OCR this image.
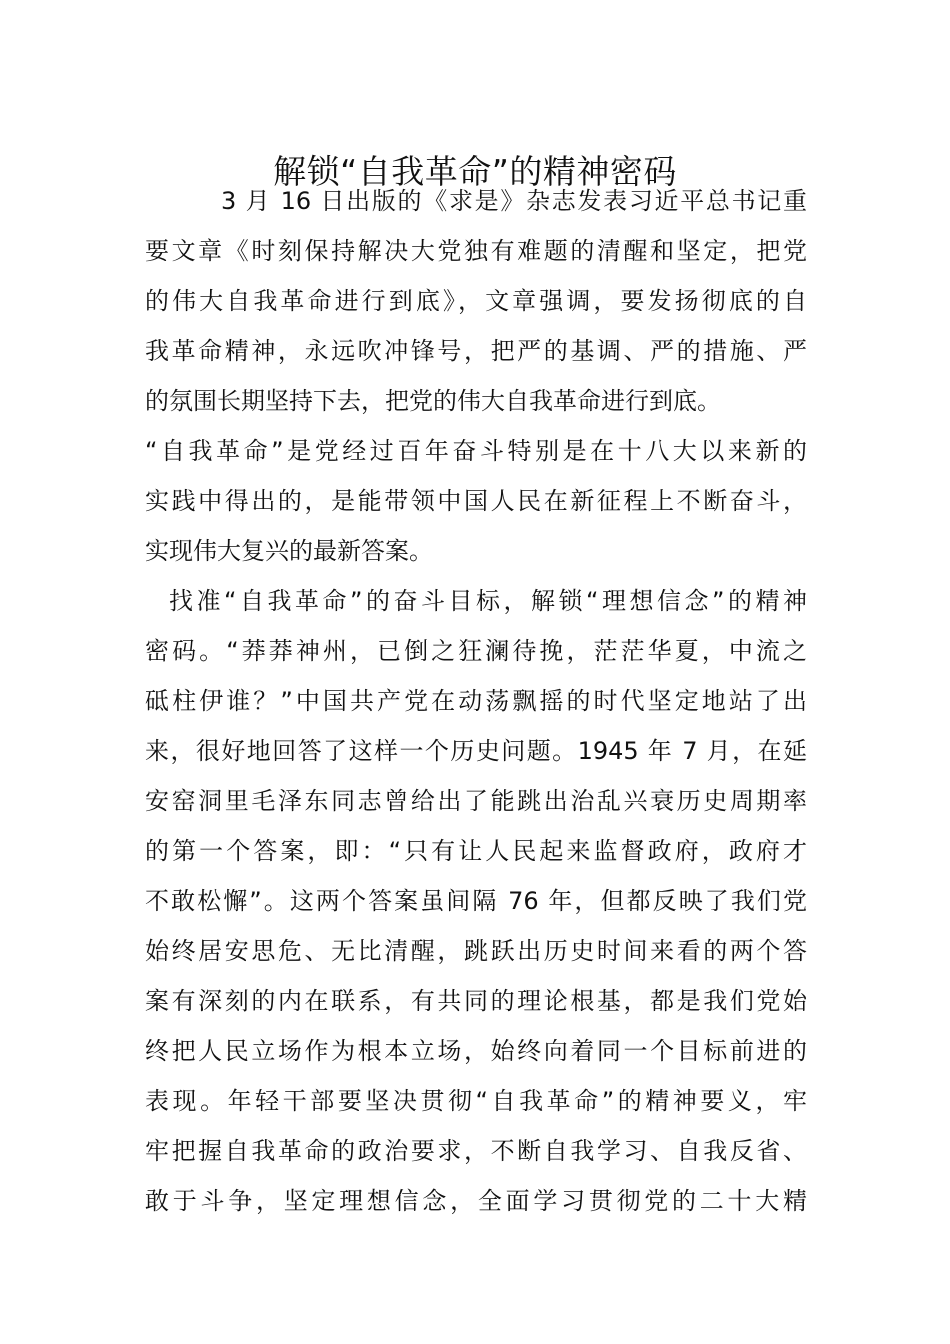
解锁“自我革命”的精神密码
3 月 16 日出版的《求是》杂志发表习近平总书记重
要文章《时刻保持解决大党独有难题的清醒和坚定，把党
的伟大自我革命进行到底》，文章强调，要发扬彻底的自
我革命精神，永远吹冲锋号，把严的基调、严的措施、严
的氛围长期坚持下去，把党的伟大自我革命进行到底。
“自我革命”是党经过百年奋斗特别是在十八大以来新的
实践中得出的，是能带领中国人民在新征程上不断奋斗，
实现伟大复兴的最新答案。
找准“自我革命”的奋斗目标，解锁“理想信念”的精神
密码。“莽莽神州，已倒之狂澜待挽，茫茫华夏，中流之
砥柱伊谁？”中国共产党在动荡飘摇的时代坚定地站了出
来，很好地回答了这样一个历史问题。1945 年 7 月，在延
安窑洞里毛泽东同志曾给出了能跳出治乱兴衰历史周期率
的第一个答案，即：“只有让人民起来监督政府，政府才
不敢松懈”。这两个答案虽间隔 76 年，但都反映了我们党
始终居安思危、无比清醒，跳跃出历史时间来看的两个答
案有深刻的内在联系，有共同的理论根基，都是我们党始
终把人民立场作为根本立场，始终向着同一个目标前进的
表现。年轻干部要坚决贯彻“自我革命”的精神要义，牢
牢把握自我革命的政治要求，不断自我学习、自我反省、
敢于斗争，坚定理想信念，全面学习贯彻党的二十大精
